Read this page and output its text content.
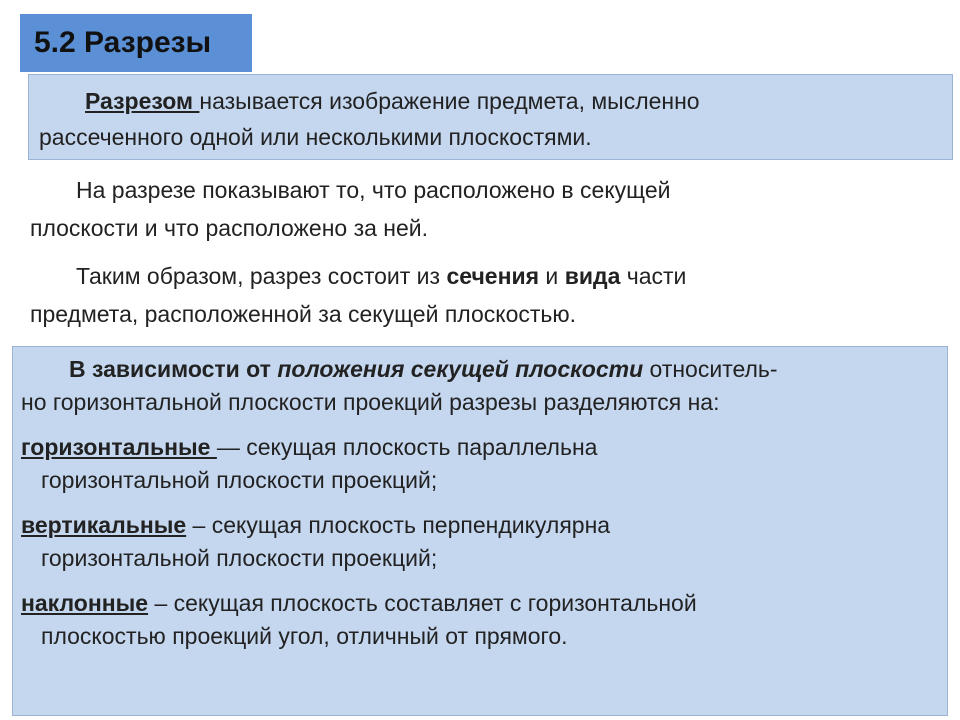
5.2 Разрезы
Разрезом называется изображение предмета, мысленно
рассеченного одной или несколькими плоскостями.
На разрезе показывают то, что расположено в секущей
плоскости и что расположено за ней.
Таким образом, разрез состоит из сечения и вида части
предмета, расположенной за секущей плоскостью.
В зависимости от положения секущей плоскости относитель-
но горизонтальной плоскости проекций разрезы разделяются на:
горизонтальные — секущая плоскость параллельна
горизонтальной плоскости проекций;
вертикальные – секущая плоскость перпендикулярна
горизонтальной плоскости проекций;
наклонные – секущая плоскость составляет с горизонтальной
плоскостью проекций угол, отличный от прямого.
